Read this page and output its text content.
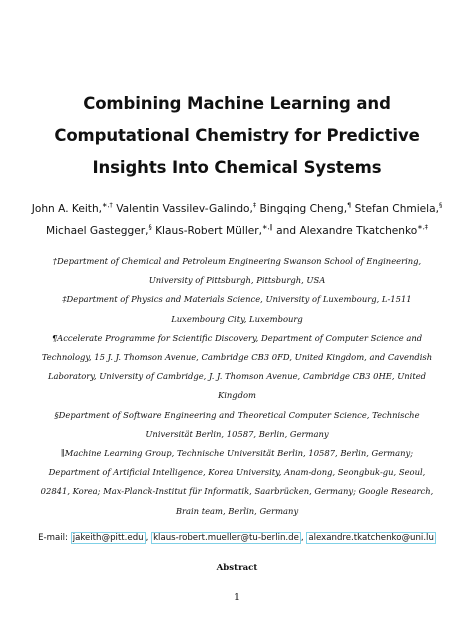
Combining Machine Learning and Computational Chemistry for Predictive Insights Into Chemical Systems
John A. Keith,∗,† Valentin Vassilev-Galindo,‡ Bingqing Cheng,¶ Stefan Chmiela,§ Michael Gastegger,§ Klaus-Robert Müller,∗,∥ and Alexandre Tkatchenko∗,‡

†Department of Chemical and Petroleum Engineering Swanson School of Engineering, University of Pittsburgh, Pittsburgh, USA

‡Department of Physics and Materials Science, University of Luxembourg, L-1511 Luxembourg City, Luxembourg

¶Accelerate Programme for Scientific Discovery, Department of Computer Science and Technology, 15 J. J. Thomson Avenue, Cambridge CB3 0FD, United Kingdom, and Cavendish Laboratory, University of Cambridge, J. J. Thomson Avenue, Cambridge CB3 0HE, United Kingdom

§Department of Software Engineering and Theoretical Computer Science, Technische Universität Berlin, 10587, Berlin, Germany

∥Machine Learning Group, Technische Universität Berlin, 10587, Berlin, Germany; Department of Artificial Intelligence, Korea University, Anam-dong, Seongbuk-gu, Seoul, 02841, Korea; Max-Planck-Institut für Informatik, Saarbrücken, Germany; Google Research, Brain team, Berlin, Germany

E-mail: jakeith@pitt.edu , klaus-robert.mueller@tu-berlin.de , alexandre.tkatchenko@uni.lu
Abstract
1
